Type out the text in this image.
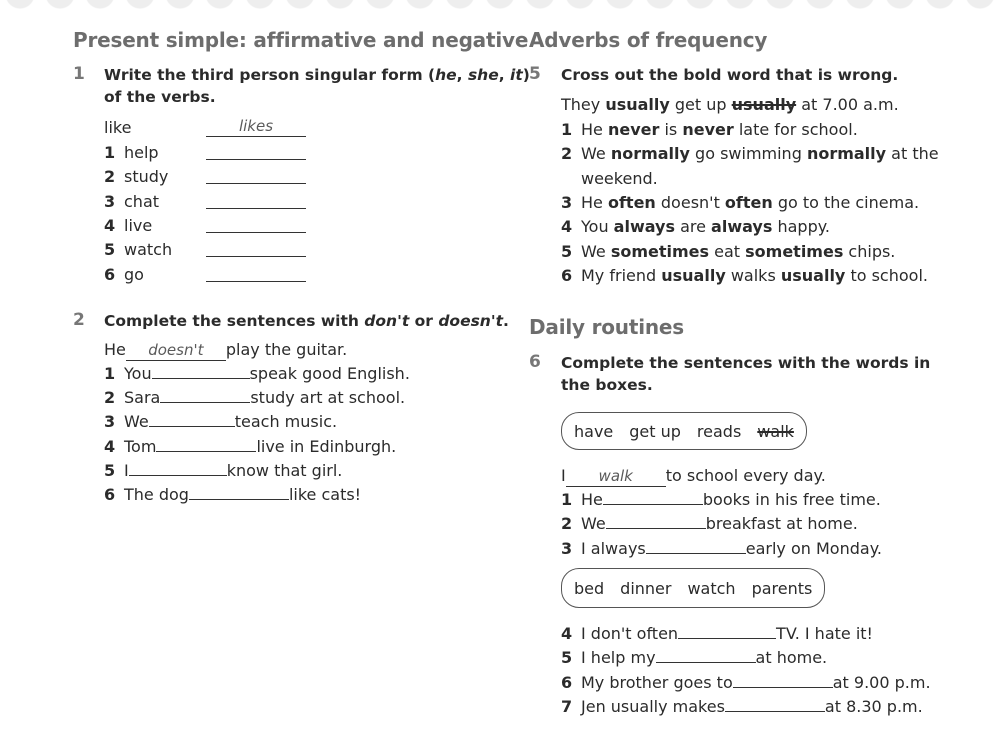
Present simple: affirmative and negative
1 Write the third person singular form (he, she, it)
of the verbs.
like	likes
1 help
2 study
3 chat
4 live
5 watch
6 go
2 Complete the sentences with don't or doesn't.
He doesn't play the guitar.
1 You	speak good English.
2 Sara	study art at school.
3 We	teach music.
4 Tom	live in Edinburgh.
5 I	know that girl.
6 The dog	like cats!
Adverbs of frequency
5 Cross out the bold word that is wrong.
They usually get up usually at 7.00 a.m.
1 He never is never late for school.
2 We normally go swimming normally at the
weekend.
3 He often doesn't often go to the cinema.
4 You always are always happy.
5 We sometimes eat sometimes chips.
6 My friend usually walks usually to school.
Daily routines
6 Complete the sentences with the words in
the boxes.
have get up reads walk
I walk to school every day.
1 He	books in his free time.
2 We	breakfast at home.
3 I always	early on Monday.
bed dinner watch parents
4 I don't often	TV. I hate it!
5 I help my	at home.
6 My brother goes to	at 9.00 p.m.
7 Jen usually makes	at 8.30 p.m.
